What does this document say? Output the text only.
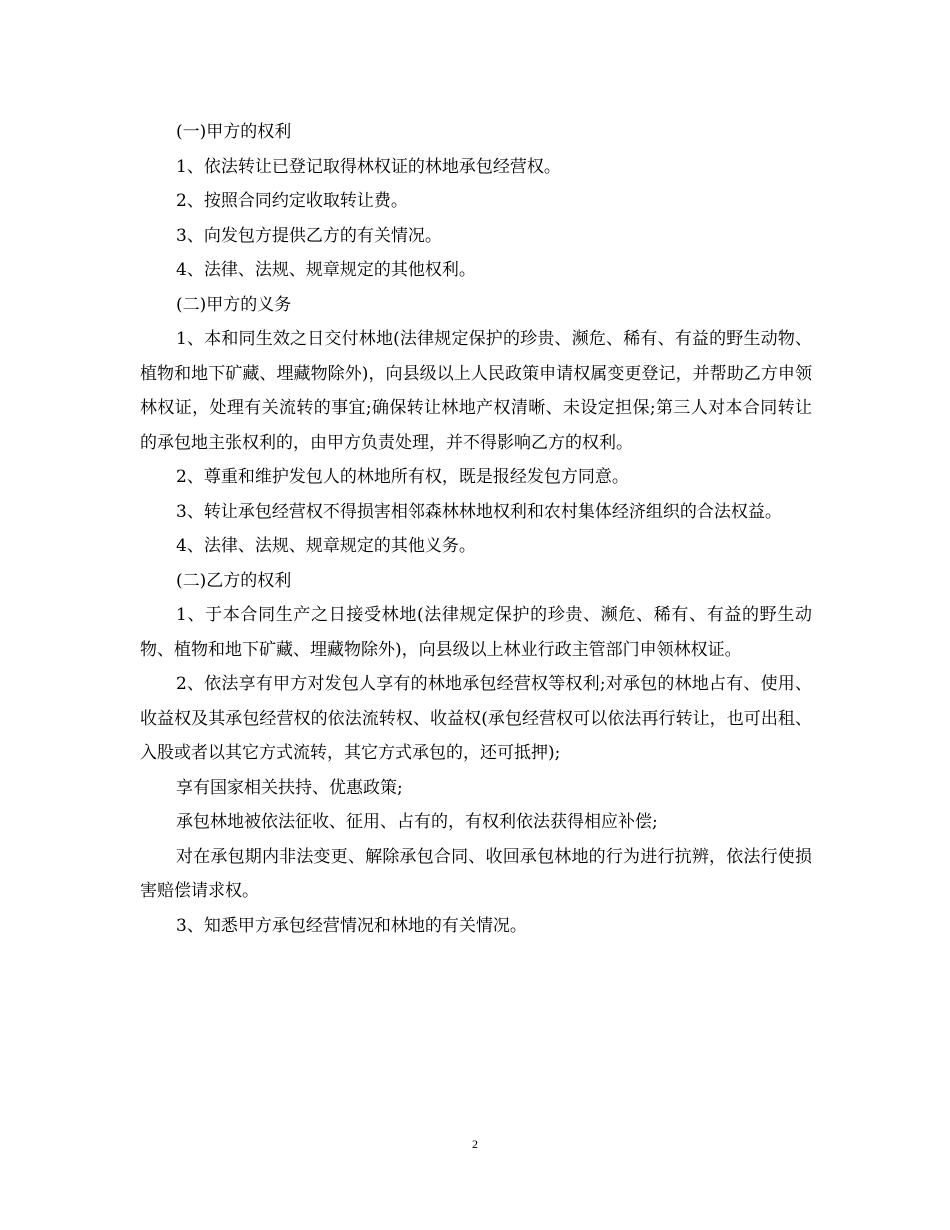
(一)甲方的权利

1、依法转让已登记取得林权证的林地承包经营权。

2、按照合同约定收取转让费。

3、向发包方提供乙方的有关情况。

4、法律、法规、规章规定的其他权利。

(二)甲方的义务

1、本和同生效之日交付林地(法律规定保护的珍贵、濒危、稀有、有益的野生动物、植物和地下矿藏、埋藏物除外)，向县级以上人民政策申请权属变更登记，并帮助乙方申领林权证，处理有关流转的事宜;确保转让林地产权清晰、未设定担保;第三人对本合同转让的承包地主张权利的，由甲方负责处理，并不得影响乙方的权利。

2、尊重和维护发包人的林地所有权，既是报经发包方同意。

3、转让承包经营权不得损害相邻森林林地权利和农村集体经济组织的合法权益。

4、法律、法规、规章规定的其他义务。

(二)乙方的权利

1、于本合同生产之日接受林地(法律规定保护的珍贵、濒危、稀有、有益的野生动物、植物和地下矿藏、埋藏物除外)，向县级以上林业行政主管部门申领林权证。

2、依法享有甲方对发包人享有的林地承包经营权等权利;对承包的林地占有、使用、收益权及其承包经营权的依法流转权、收益权(承包经营权可以依法再行转让，也可出租、入股或者以其它方式流转，其它方式承包的，还可抵押);

享有国家相关扶持、优惠政策;

承包林地被依法征收、征用、占有的，有权利依法获得相应补偿;

对在承包期内非法变更、解除承包合同、收回承包林地的行为进行抗辨，依法行使损害赔偿请求权。

3、知悉甲方承包经营情况和林地的有关情况。

2
